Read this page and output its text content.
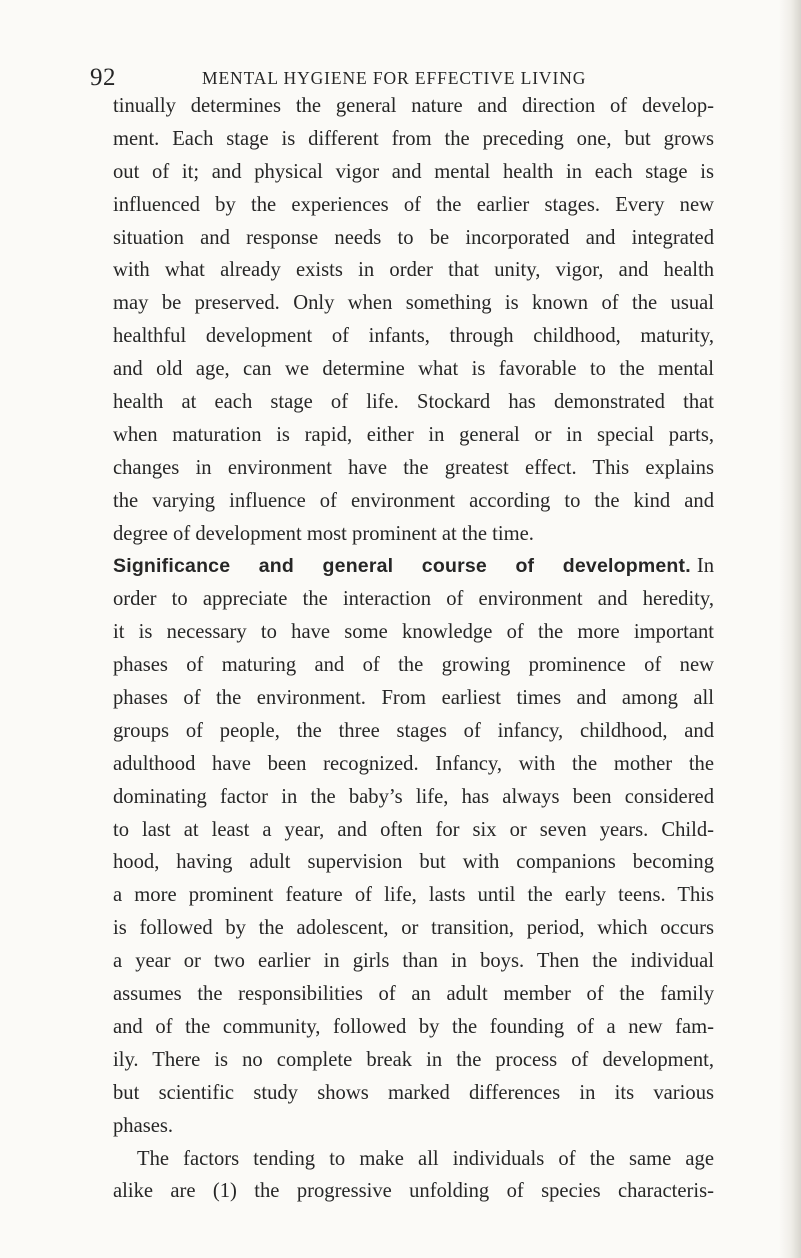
92	MENTAL HYGIENE FOR EFFECTIVE LIVING
tinually determines the general nature and direction of develop-
ment. Each stage is different from the preceding one, but grows
out of it; and physical vigor and mental health in each stage is
influenced by the experiences of the earlier stages. Every new
situation and response needs to be incorporated and integrated
with what already exists in order that unity, vigor, and health
may be preserved. Only when something is known of the usual
healthful development of infants, through childhood, maturity,
and old age, can we determine what is favorable to the mental
health at each stage of life. Stockard has demonstrated that
when maturation is rapid, either in general or in special parts,
changes in environment have the greatest effect. This explains
the varying influence of environment according to the kind and
degree of development most prominent at the time.
Significance and general course of development. In
order to appreciate the interaction of environment and heredity,
it is necessary to have some knowledge of the more important
phases of maturing and of the growing prominence of new
phases of the environment. From earliest times and among all
groups of people, the three stages of infancy, childhood, and
adulthood have been recognized. Infancy, with the mother the
dominating factor in the baby’s life, has always been considered
to last at least a year, and often for six or seven years. Child-
hood, having adult supervision but with companions becoming
a more prominent feature of life, lasts until the early teens. This
is followed by the adolescent, or transition, period, which occurs
a year or two earlier in girls than in boys. Then the individual
assumes the responsibilities of an adult member of the family
and of the community, followed by the founding of a new fam-
ily. There is no complete break in the process of development,
but scientific study shows marked differences in its various
phases.
The factors tending to make all individuals of the same age
alike are (1) the progressive unfolding of species characteris-
